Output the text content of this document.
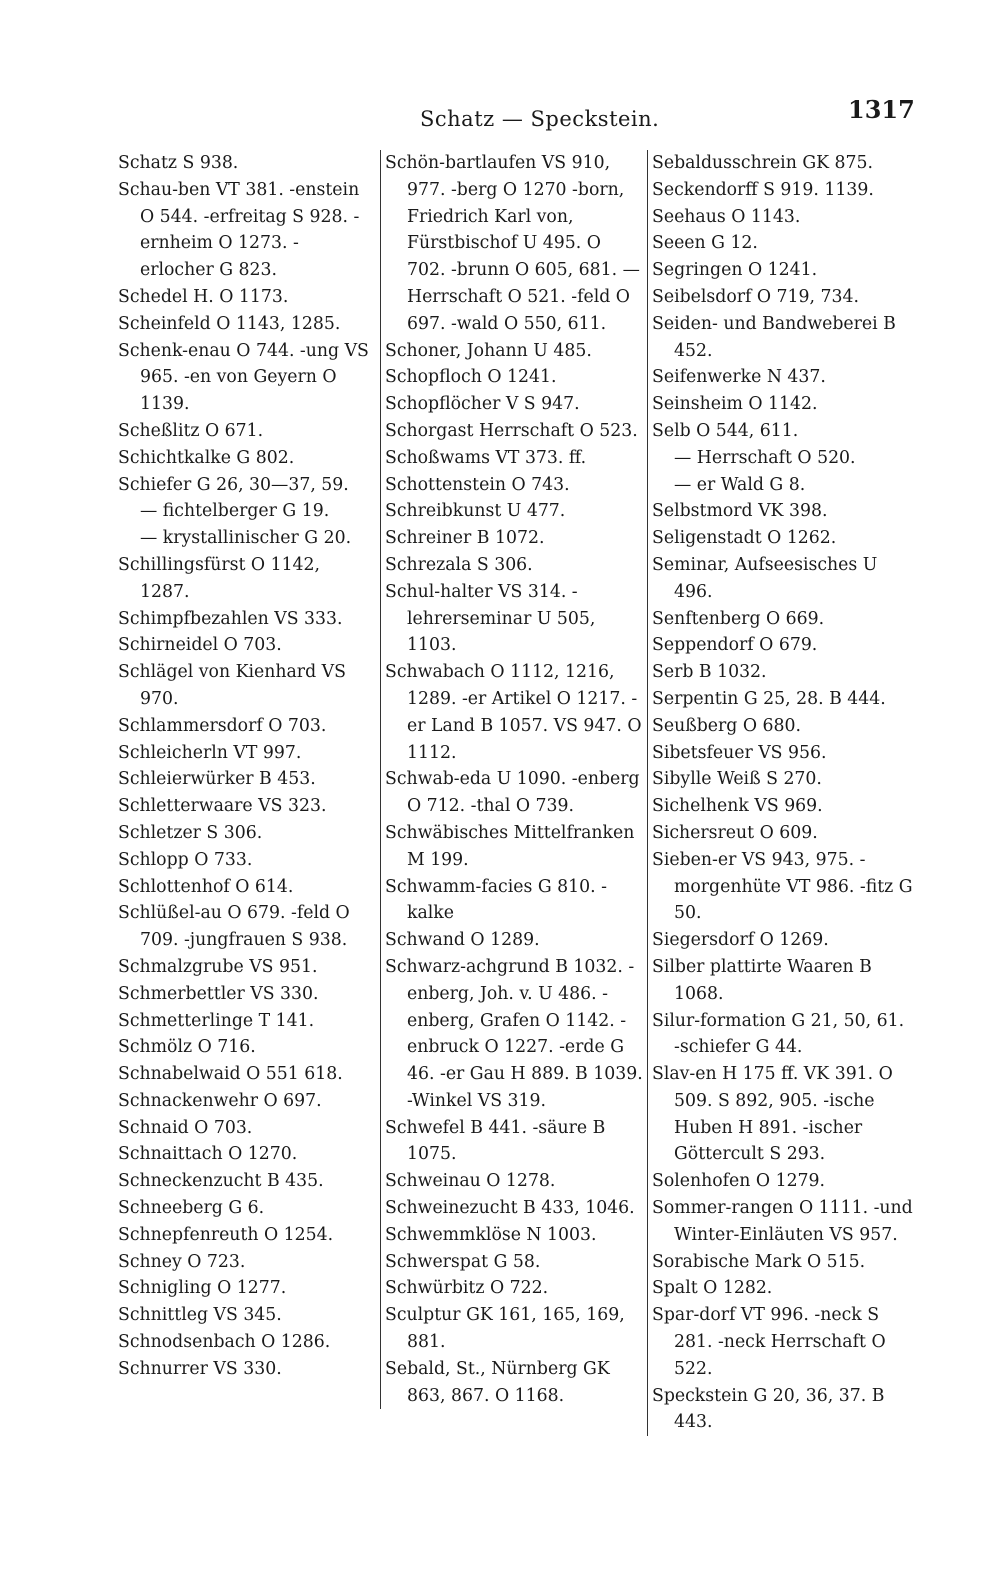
Schatz — Speckstein.	1317
Schatz S 938.
Schau-ben VT 381. -enstein O 544. -erfreitag S 928. -ernheim O 1273. -erlocher G 823.
Schedel H. O 1173.
Scheinfeld O 1143, 1285.
Schenk-enau O 744. -ung VS 965. -en von Geyern O 1139.
Scheßlitz O 671.
Schichtkalke G 802.
Schiefer G 26, 30—37, 59.
— fichtelberger G 19.
— krystallinischer G 20.
Schillingsfürst O 1142, 1287.
Schimpfbezahlen VS 333.
Schirneidel O 703.
Schlägel von Kienhard VS 970.
Schlammersdorf O 703.
Schleicherln VT 997.
Schleierwürker B 453.
Schletterwaare VS 323.
Schletzer S 306.
Schlopp O 733.
Schlottenhof O 614.
Schlüßel-au O 679. -feld O 709. -jungfrauen S 938.
Schmalzgrube VS 951.
Schmerbettler VS 330.
Schmetterlinge T 141.
Schmölz O 716.
Schnabelwaid O 551 618.
Schnackenwehr O 697.
Schnaid O 703.
Schnaittach O 1270.
Schneckenzucht B 435.
Schneeberg G 6.
Schnepfenreuth O 1254.
Schney O 723.
Schnigling O 1277.
Schnittleg VS 345.
Schnodsenbach O 1286.
Schnurrer VS 330.
Schön-bartlaufen VS 910, 977. -berg O 1270 -born, Friedrich Karl von, Fürstbischof U 495. O 702. -brunn O 605, 681. — Herrschaft O 521. -feld O 697. -wald O 550, 611.
Schoner, Johann U 485.
Schopfloch O 1241.
Schopflöcher V S 947.
Schorgast Herrschaft O 523.
Schoßwams VT 373. ff.
Schottenstein O 743.
Schreibkunst U 477.
Schreiner B 1072.
Schrezala S 306.
Schul-halter VS 314. -lehrerseminar U 505, 1103.
Schwabach O 1112, 1216, 1289. -er Artikel O 1217. -er Land B 1057. VS 947. O 1112.
Schwab-eda U 1090. -enberg O 712. -thal O 739.
Schwäbisches Mittelfranken M 199.
Schwamm-facies G 810. -kalke
Schwand O 1289.
Schwarz-achgrund B 1032. -enberg, Joh. v. U 486. -enberg, Grafen O 1142. -enbruck O 1227. -erde G 46. -er Gau H 889. B 1039. -Winkel VS 319.
Schwefel B 441. -säure B 1075.
Schweinau O 1278.
Schweinezucht B 433, 1046.
Schwemmklöse N 1003.
Schwerspat G 58.
Schwürbitz O 722.
Sculptur GK 161, 165, 169, 881.
Sebald, St., Nürnberg GK 863, 867. O 1168.
Sebaldusschrein GK 875.
Seckendorff S 919. 1139.
Seehaus O 1143.
Seeen G 12.
Segringen O 1241.
Seibelsdorf O 719, 734.
Seiden- und Bandweberei B 452.
Seifenwerke N 437.
Seinsheim O 1142.
Selb O 544, 611.
— Herrschaft O 520.
— er Wald G 8.
Selbstmord VK 398.
Seligenstadt O 1262.
Seminar, Aufseesisches U 496.
Senftenberg O 669.
Seppendorf O 679.
Serb B 1032.
Serpentin G 25, 28. B 444.
Seußberg O 680.
Sibetsfeuer VS 956.
Sibylle Weiß S 270.
Sichelhenk VS 969.
Sichersreut O 609.
Sieben-er VS 943, 975. -morgenhüte VT 986. -fitz G 50.
Siegersdorf O 1269.
Silber plattirte Waaren B 1068.
Silur-formation G 21, 50, 61. -schiefer G 44.
Slav-en H 175 ff. VK 391. O 509. S 892, 905. -ische Huben H 891. -ischer Göttercult S 293.
Solenhofen O 1279.
Sommer-rangen O 1111. -und Winter-Einläuten VS 957.
Sorabische Mark O 515.
Spalt O 1282.
Spar-dorf VT 996. -neck S 281. -neck Herrschaft O 522.
Speckstein G 20, 36, 37. B 443.
